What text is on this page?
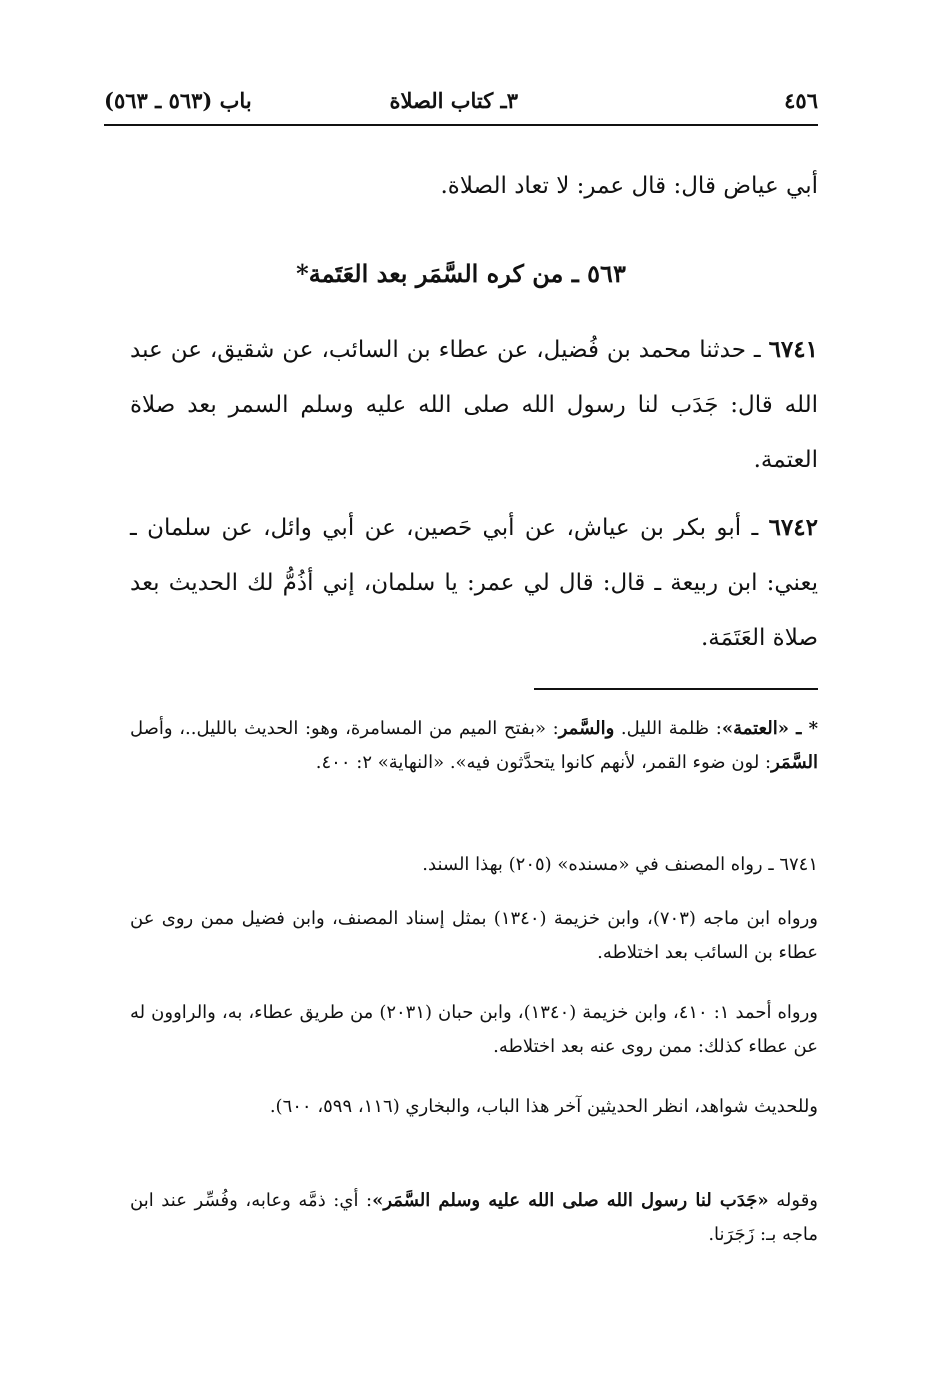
٤٥٦
٣ـ كتاب الصلاة
باب (٥٦٣ ـ ٥٦٣)
أبي عياض قال: قال عمر: لا تعاد الصلاة.
٥٦٣ ـ من كره السَّمَر بعد العَتَمة*
٦٧٤١ ـ حدثنا محمد بن فُضيل، عن عطاء بن السائب، عن شقيق، عن عبد الله قال: جَدَب لنا رسول الله صلى الله عليه وسلم السمر بعد صلاة العتمة.
٦٧٤٢ ـ أبو بكر بن عياش، عن أبي حَصين، عن أبي وائل، عن سلمان ـ يعني: ابن ربيعة ـ قال: قال لي عمر: يا سلمان، إني أذُمُّ لك الحديث بعد صلاة العَتَمَة.
* ـ «العتمة»: ظلمة الليل. والسَّمر: «بفتح الميم من المسامرة، وهو: الحديث بالليل..، وأصل السَّمَر: لون ضوء القمر، لأنهم كانوا يتحدَّثون فيه». «النهاية» ٢: ٤٠٠.
٦٧٤١ ـ رواه المصنف في «مسنده» (٢٠٥) بهذا السند.
ورواه ابن ماجه (٧٠٣)، وابن خزيمة (١٣٤٠) بمثل إسناد المصنف، وابن فضيل ممن روى عن عطاء بن السائب بعد اختلاطه.
ورواه أحمد ١: ٤١٠، وابن خزيمة (١٣٤٠)، وابن حبان (٢٠٣١) من طريق عطاء، به، والراوون له عن عطاء كذلك: ممن روى عنه بعد اختلاطه.
وللحديث شواهد، انظر الحديثين آخر هذا الباب، والبخاري (١١٦، ٥٩٩، ٦٠٠).
وقوله «جَدَب لنا رسول الله صلى الله عليه وسلم السَّمَر»: أي: ذمَّه وعابه، وفُسِّر عند ابن ماجه بـ: زَجَرَنا.
